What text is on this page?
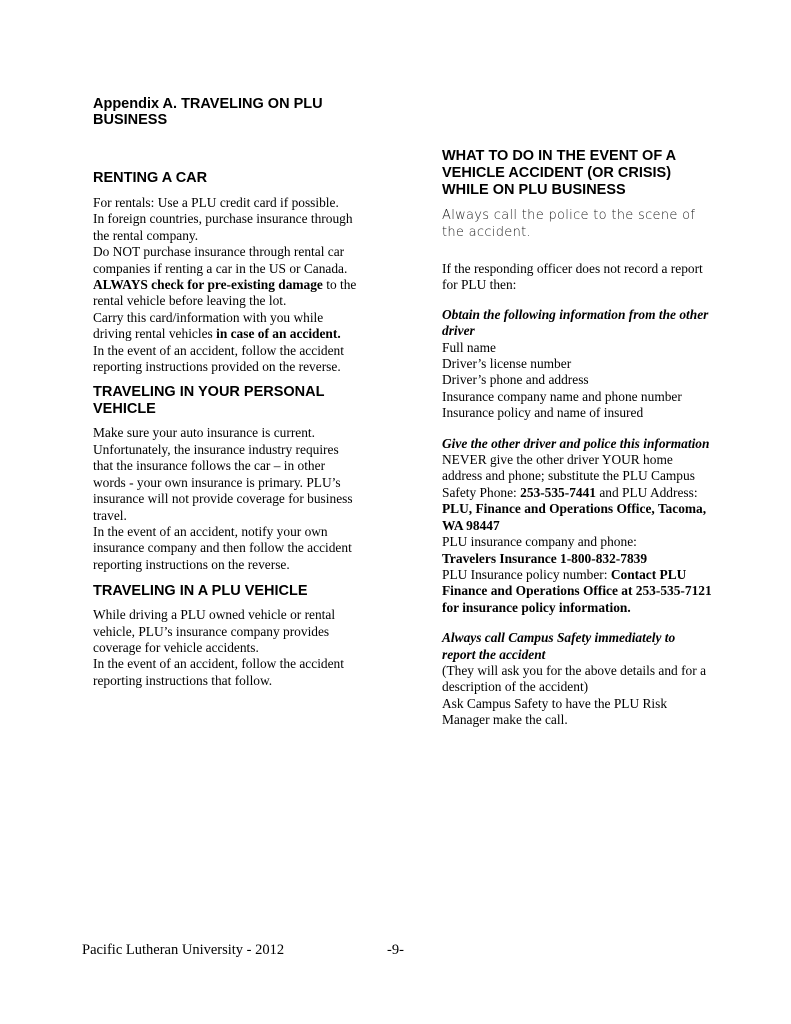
Appendix A. TRAVELING ON PLU BUSINESS
RENTING A CAR
For rentals: Use a PLU credit card if possible.
In foreign countries, purchase insurance through the rental company.
Do NOT purchase insurance through rental car companies if renting a car in the US or Canada.
ALWAYS check for pre-existing damage to the rental vehicle before leaving the lot.
Carry this card/information with you while driving rental vehicles in case of an accident.
In the event of an accident, follow the accident reporting instructions provided on the reverse.
TRAVELING IN YOUR PERSONAL VEHICLE
Make sure your auto insurance is current. Unfortunately, the insurance industry requires that the insurance follows the car – in other words - your own insurance is primary. PLU’s insurance will not provide coverage for business travel.
In the event of an accident, notify your own insurance company and then follow the accident reporting instructions on the reverse.
TRAVELING IN A PLU VEHICLE
While driving a PLU owned vehicle or rental vehicle, PLU’s insurance company provides coverage for vehicle accidents.
In the event of an accident, follow the accident reporting instructions that follow.
WHAT TO DO IN THE EVENT OF A VEHICLE ACCIDENT (OR CRISIS) WHILE ON PLU BUSINESS

Always call the police to the scene of the accident.

If the responding officer does not record a report for PLU then:

Obtain the following information from the other driver
Full name
Driver’s license number
Driver’s phone and address
Insurance company name and phone number
Insurance policy and name of insured
Give the other driver and police this information
NEVER give the other driver YOUR home address and phone; substitute the PLU Campus Safety Phone: 253-535-7441 and PLU Address: PLU, Finance and Operations Office, Tacoma, WA 98447
PLU insurance company and phone:
Travelers Insurance 1-800-832-7839
PLU Insurance policy number: Contact PLU Finance and Operations Office at 253-535-7121 for insurance policy information.
Always call Campus Safety immediately to report the accident
(They will ask you for the above details and for a description of the accident)
Ask Campus Safety to have the PLU Risk Manager make the call.
Pacific Lutheran University - 2012	-9-
